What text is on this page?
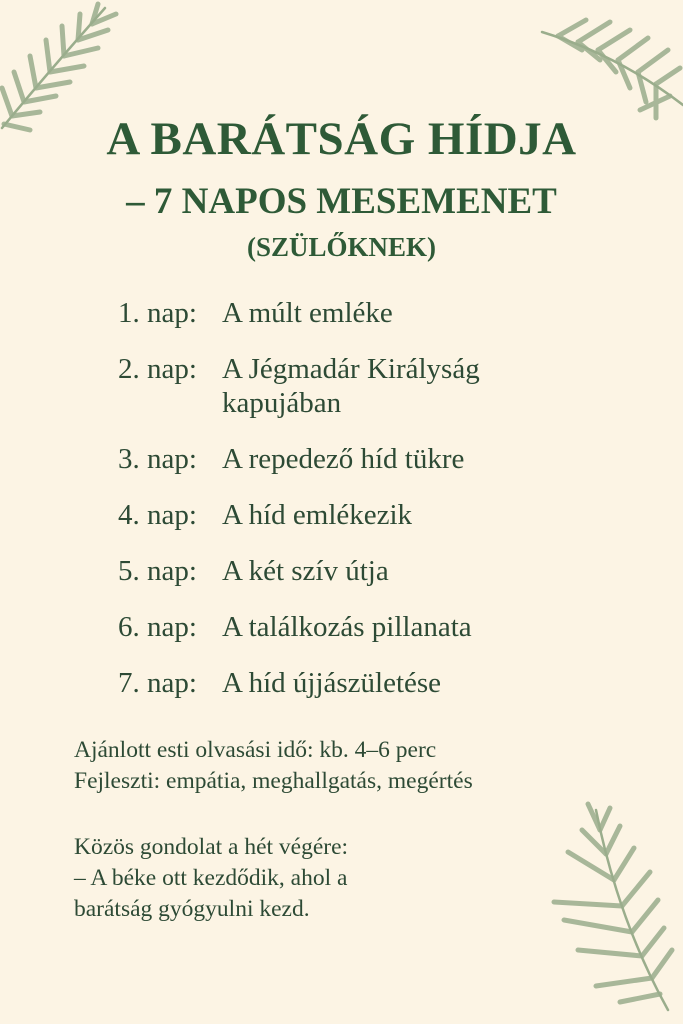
A BARÁTSÁG HÍDJA
– 7 NAPOS MESEMENET
(SZÜLŐKNEK)
1. nap: A múlt emléke
2. nap: A Jégmadár Királyság kapujában
3. nap: A repedező híd tükre
4. nap: A híd emlékezik
5. nap: A két szív útja
6. nap: A találkozás pillanata
7. nap: A híd újjászületése

Ajánlott esti olvasási idő: kb. 4–6 perc

Fejleszti: empátia, meghallgatás, megértés

Közös gondolat a hét végére:

– A béke ott kezdődik, ahol a

barátság gyógyulni kezd.
